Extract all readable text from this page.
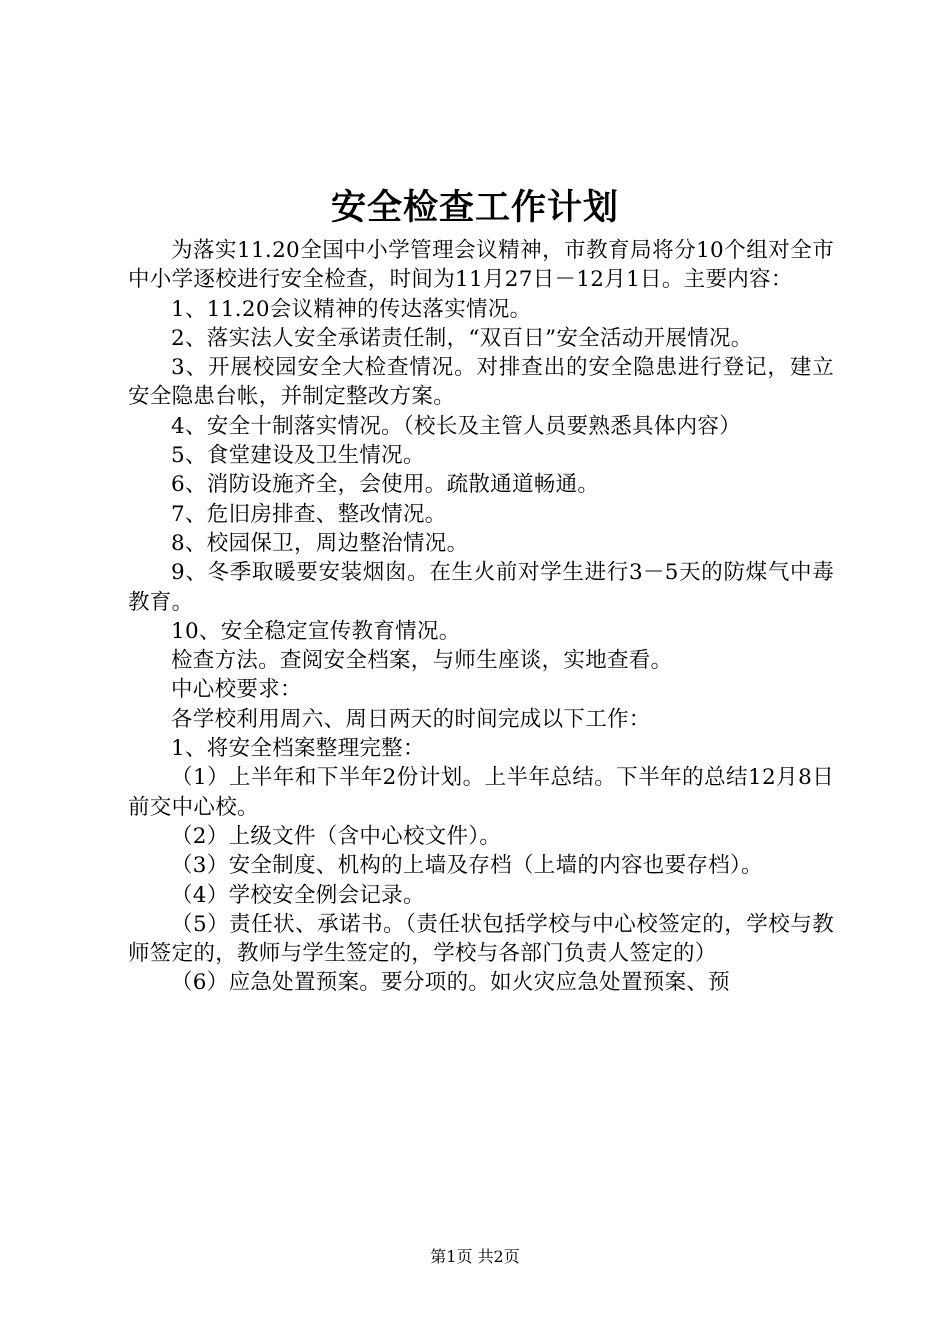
安全检查工作计划

为落实11.20全国中小学管理会议精神，市教育局将分10个组对全市中小学逐校进行安全检查，时间为11月27日－12月1日。主要内容：

1、11.20会议精神的传达落实情况。

2、落实法人安全承诺责任制，“双百日”安全活动开展情况。

3、开展校园安全大检查情况。对排查出的安全隐患进行登记，建立安全隐患台帐，并制定整改方案。

4、安全十制落实情况。（校长及主管人员要熟悉具体内容）

5、食堂建设及卫生情况。

6、消防设施齐全，会使用。疏散通道畅通。

7、危旧房排查、整改情况。

8、校园保卫，周边整治情况。

9、冬季取暖要安装烟囱。在生火前对学生进行3－5天的防煤气中毒教育。

10、安全稳定宣传教育情况。

检查方法。查阅安全档案，与师生座谈，实地查看。

中心校要求：

各学校利用周六、周日两天的时间完成以下工作：

1、将安全档案整理完整：

（1）上半年和下半年2份计划。上半年总结。下半年的总结12月8日前交中心校。

（2）上级文件（含中心校文件）。

（3）安全制度、机构的上墙及存档（上墙的内容也要存档）。

（4）学校安全例会记录。

（5）责任状、承诺书。（责任状包括学校与中心校签定的，学校与教师签定的，教师与学生签定的，学校与各部门负责人签定的）

（6）应急处置预案。要分项的。如火灾应急处置预案、预

第1页 共2页
